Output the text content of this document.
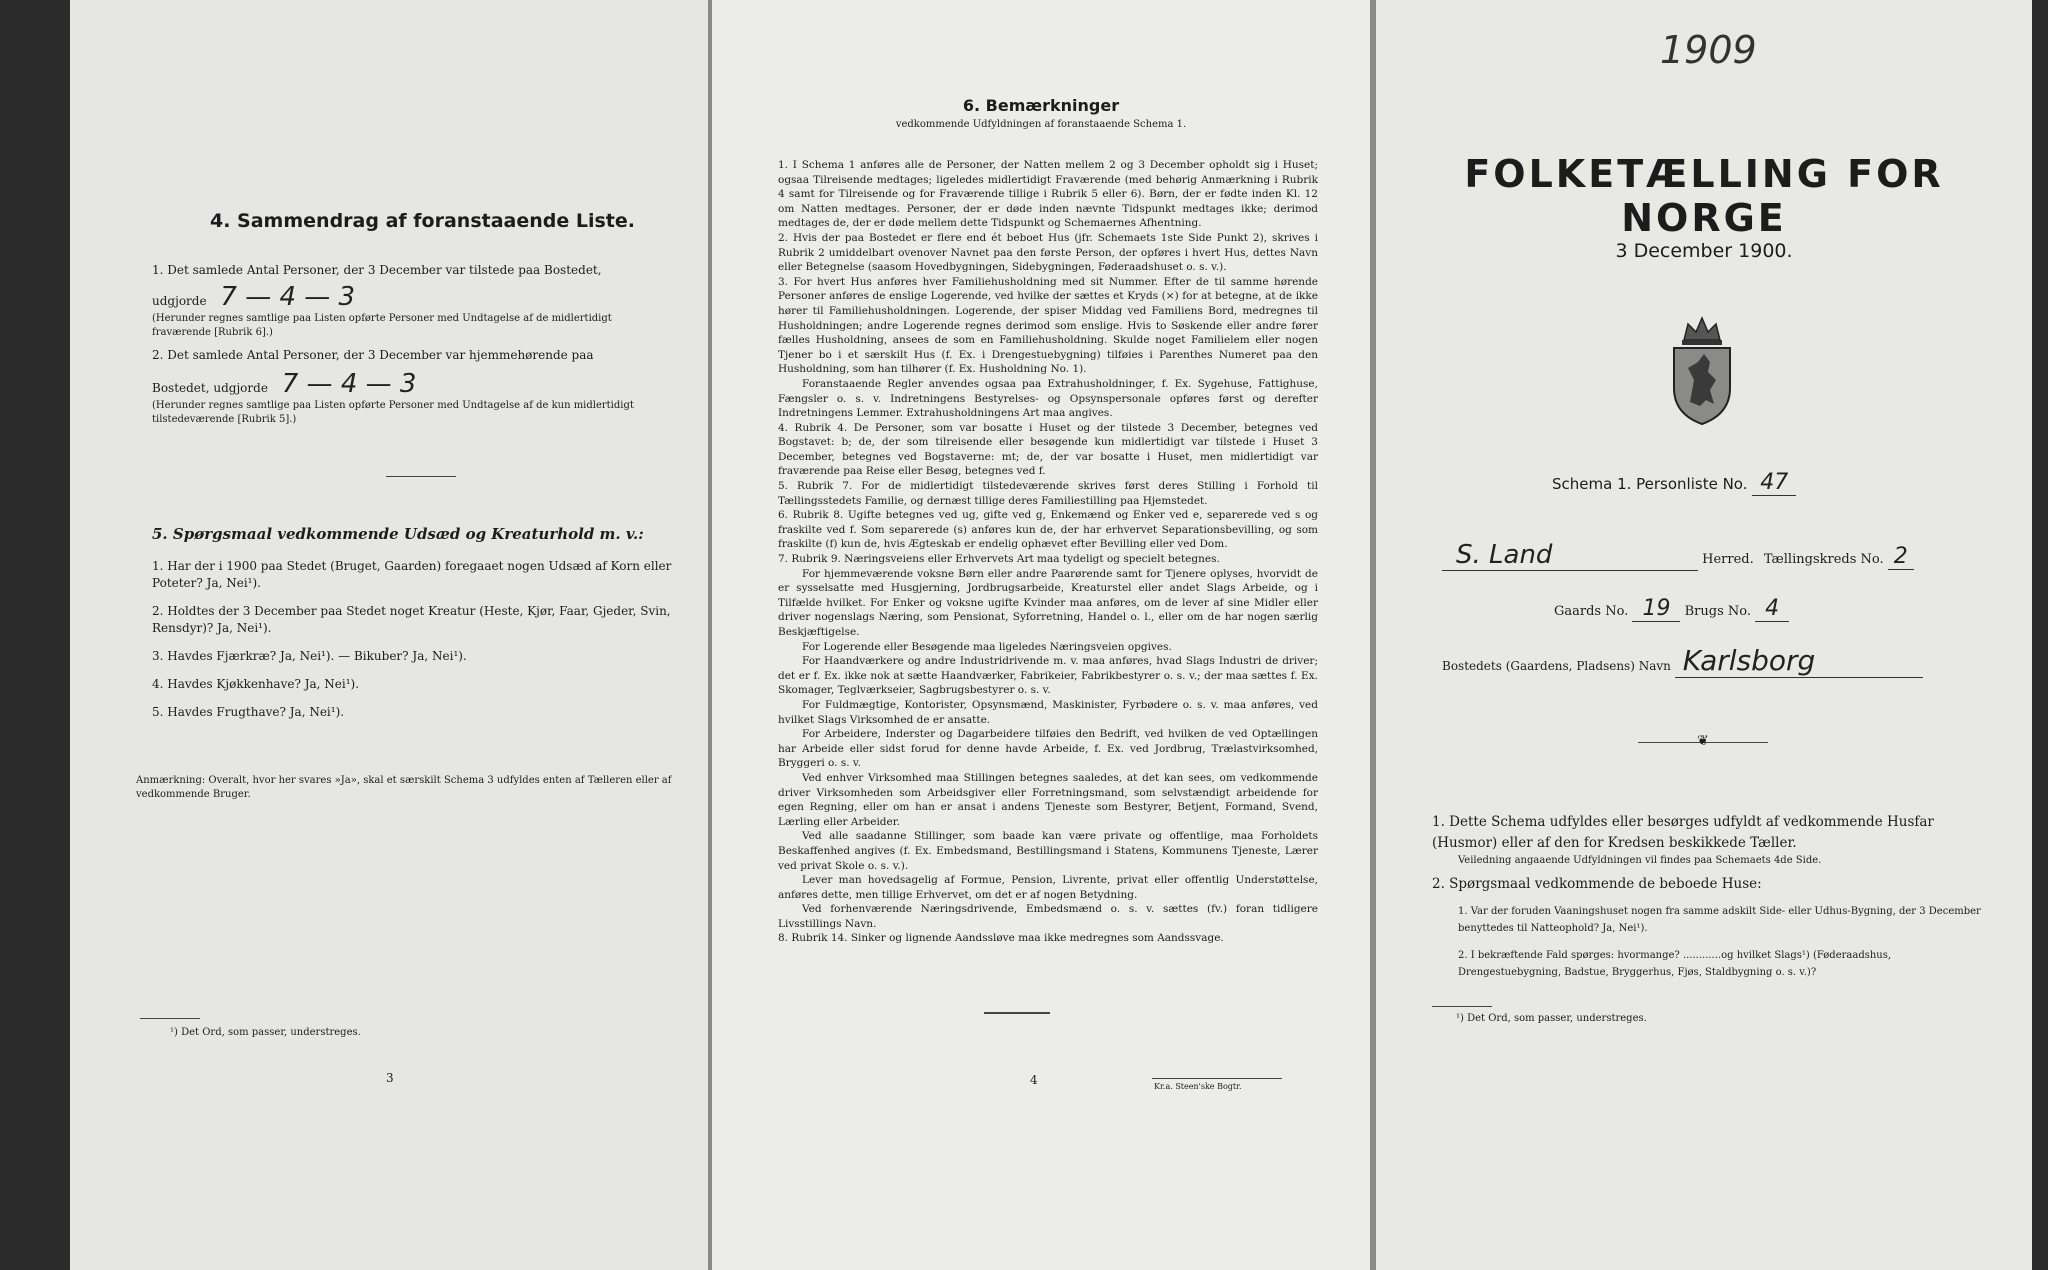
4. Sammendrag af foranstaaende Liste.
1. Det samlede Antal Personer, der 3 December var tilstede paa Bostedet,
udgjorde 7 — 4 — 3
(Herunder regnes samtlige paa Listen opførte Personer med Undtagelse af de midlertidigt fraværende [Rubrik 6].)
2. Det samlede Antal Personer, der 3 December var hjemmehørende paa
Bostedet, udgjorde 7 — 4 — 3
(Herunder regnes samtlige paa Listen opførte Personer med Undtagelse af de kun midlertidigt tilstedeværende [Rubrik 5].)
5. Spørgsmaal vedkommende Udsæd og Kreaturhold m. v.:
1. Har der i 1900 paa Stedet (Bruget, Gaarden) foregaaet nogen Udsæd af Korn eller Poteter? Ja, Nei¹).
2. Holdtes der 3 December paa Stedet noget Kreatur (Heste, Kjør, Faar, Gjeder, Svin, Rensdyr)? Ja, Nei¹).
3. Havdes Fjærkræ? Ja, Nei¹). — Bikuber? Ja, Nei¹).
4. Havdes Kjøkkenhave? Ja, Nei¹).
5. Havdes Frugthave? Ja, Nei¹).
Anmærkning: Overalt, hvor her svares »Ja», skal et særskilt Schema 3 udfyldes enten af Tælleren eller af vedkommende Bruger.
¹) Det Ord, som passer, understreges.
3
6. Bemærkninger
vedkommende Udfyldningen af foranstaaende Schema 1.

1. I Schema 1 anføres alle de Personer, der Natten mellem 2 og 3 December opholdt sig i Huset; ogsaa Tilreisende medtages; ligeledes midlertidigt Fraværende (med behørig Anmærkning i Rubrik 4 samt for Tilreisende og for Fraværende tillige i Rubrik 5 eller 6). Børn, der er fødte inden Kl. 12 om Natten medtages. Personer, der er døde inden nævnte Tidspunkt medtages ikke; derimod medtages de, der er døde mellem dette Tidspunkt og Schemaernes Afhentning.

2. Hvis der paa Bostedet er flere end ét beboet Hus (jfr. Schemaets 1ste Side Punkt 2), skrives i Rubrik 2 umiddelbart ovenover Navnet paa den første Person, der opføres i hvert Hus, dettes Navn eller Betegnelse (saasom Hovedbygningen, Sidebygningen, Føderaadshuset o. s. v.).

3. For hvert Hus anføres hver Familiehusholdning med sit Nummer. Efter de til samme hørende Personer anføres de enslige Logerende, ved hvilke der sættes et Kryds (×) for at betegne, at de ikke hører til Familiehusholdningen. Logerende, der spiser Middag ved Familiens Bord, medregnes til Husholdningen; andre Logerende regnes derimod som enslige. Hvis to Søskende eller andre fører fælles Husholdning, ansees de som en Familiehusholdning. Skulde noget Familielem eller nogen Tjener bo i et særskilt Hus (f. Ex. i Drengestuebygning) tilføies i Parenthes Numeret paa den Husholdning, som han tilhører (f. Ex. Husholdning No. 1).

Foranstaaende Regler anvendes ogsaa paa Extrahusholdninger, f. Ex. Sygehuse, Fattighuse, Fængsler o. s. v. Indretningens Bestyrelses- og Opsynspersonale opføres først og derefter Indretningens Lemmer. Extrahusholdningens Art maa angives.

4. Rubrik 4. De Personer, som var bosatte i Huset og der tilstede 3 December, betegnes ved Bogstavet: b; de, der som tilreisende eller besøgende kun midlertidigt var tilstede i Huset 3 December, betegnes ved Bogstaverne: mt; de, der var bosatte i Huset, men midlertidigt var fraværende paa Reise eller Besøg, betegnes ved f.

5. Rubrik 7. For de midlertidigt tilstedeværende skrives først deres Stilling i Forhold til Tællingsstedets Familie, og dernæst tillige deres Familiestilling paa Hjemstedet.

6. Rubrik 8. Ugifte betegnes ved ug, gifte ved g, Enkemænd og Enker ved e, separerede ved s og fraskilte ved f. Som separerede (s) anføres kun de, der har erhvervet Separationsbevilling, og som fraskilte (f) kun de, hvis Ægteskab er endelig ophævet efter Bevilling eller ved Dom.

7. Rubrik 9. Næringsveiens eller Erhvervets Art maa tydeligt og specielt betegnes.

For hjemmeværende voksne Børn eller andre Paarørende samt for Tjenere oplyses, hvorvidt de er sysselsatte med Husgjerning, Jordbrugsarbeide, Kreaturstel eller andet Slags Arbeide, og i Tilfælde hvilket. For Enker og voksne ugifte Kvinder maa anføres, om de lever af sine Midler eller driver nogenslags Næring, som Pensionat, Syforretning, Handel o. l., eller om de har nogen særlig Beskjæftigelse.

For Logerende eller Besøgende maa ligeledes Næringsveien opgives.

For Haandværkere og andre Industridrivende m. v. maa anføres, hvad Slags Industri de driver; det er f. Ex. ikke nok at sætte Haandværker, Fabrikeier, Fabrikbestyrer o. s. v.; der maa sættes f. Ex. Skomager, Teglværkseier, Sagbrugsbestyrer o. s. v.

For Fuldmægtige, Kontorister, Opsynsmænd, Maskinister, Fyrbødere o. s. v. maa anføres, ved hvilket Slags Virksomhed de er ansatte.

For Arbeidere, Inderster og Dagarbeidere tilføies den Bedrift, ved hvilken de ved Optællingen har Arbeide eller sidst forud for denne havde Arbeide, f. Ex. ved Jordbrug, Trælastvirksomhed, Bryggeri o. s. v.

Ved enhver Virksomhed maa Stillingen betegnes saaledes, at det kan sees, om vedkommende driver Virksomheden som Arbeidsgiver eller Forretningsmand, som selvstændigt arbeidende for egen Regning, eller om han er ansat i andens Tjeneste som Bestyrer, Betjent, Formand, Svend, Lærling eller Arbeider.

Ved alle saadanne Stillinger, som baade kan være private og offentlige, maa Forholdets Beskaffenhed angives (f. Ex. Embedsmand, Bestillingsmand i Statens, Kommunens Tjeneste, Lærer ved privat Skole o. s. v.).

Lever man hovedsagelig af Formue, Pension, Livrente, privat eller offentlig Understøttelse, anføres dette, men tillige Erhvervet, om det er af nogen Betydning.

Ved forhenværende Næringsdrivende, Embedsmænd o. s. v. sættes (fv.) foran tidligere Livsstillings Navn.

8. Rubrik 14. Sinker og lignende Aandssløve maa ikke medregnes som Aandssvage.

4	Kr.a. Steen'ske Bogtr.
1909
FOLKETÆLLING FOR NORGE
3 December 1900.
Schema 1. Personliste No. 47
S. Land	Herred. Tællingskreds No. 2
Gaards No. 19 Brugs No. 4
Bostedets (Gaardens, Pladsens) Navn Karlsborg
❦
1. Dette Schema udfyldes eller besørges udfyldt af vedkommende Husfar (Husmor) eller af den for Kredsen beskikkede Tæller.
Veiledning angaaende Udfyldningen vil findes paa Schemaets 4de Side.
2. Spørgsmaal vedkommende de beboede Huse:
1. Var der foruden Vaaningshuset nogen fra samme adskilt Side- eller Udhus-Bygning, der 3 December benyttedes til Natteophold? Ja, Nei¹).
2. I bekræftende Fald spørges: hvormange? ............og hvilket Slags¹) (Føderaadshus, Drengestuebygning, Badstue, Bryggerhus, Fjøs, Staldbygning o. s. v.)?
¹) Det Ord, som passer, understreges.
